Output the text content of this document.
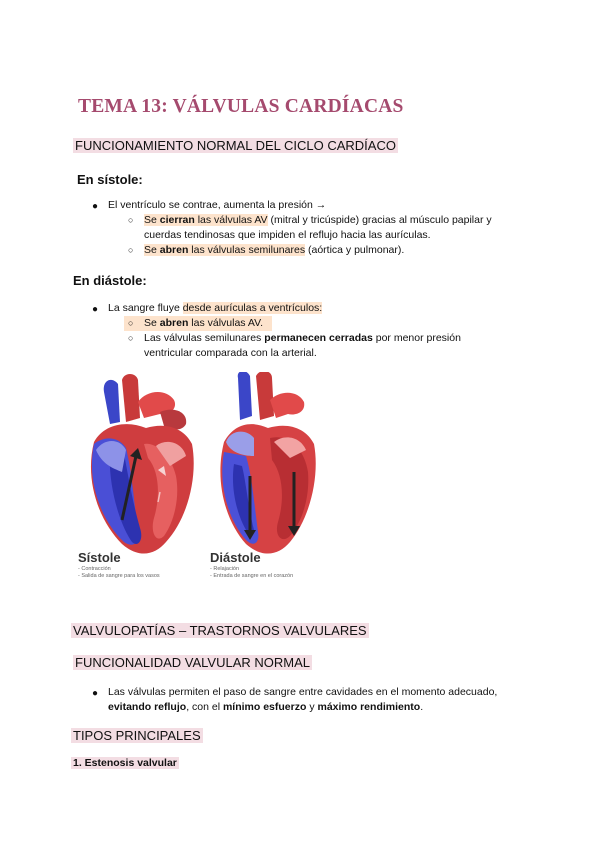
TEMA 13: VÁLVULAS CARDÍACAS
FUNCIONAMIENTO NORMAL DEL CICLO CARDÍACO
En sístole:
● El ventrículo se contrae, aumenta la presión →
○ Se cierran las válvulas AV (mitral y tricúspide) gracias al músculo papilar y
cuerdas tendinosas que impiden el reflujo hacia las aurículas.
○ Se abren las válvulas semilunares (aórtica y pulmonar).
En diástole:
● La sangre fluye desde aurículas a ventrículos:
○ Se abren las válvulas AV.
○ Las válvulas semilunares permanecen cerradas por menor presión
ventricular comparada con la arterial.
Sístole
- Contracción
- Salida de sangre para los vasos
Diástole
- Relajación
- Entrada de sangre en el corazón
VALVULOPATÍAS – TRASTORNOS VALVULARES
FUNCIONALIDAD VALVULAR NORMAL
● Las válvulas permiten el paso de sangre entre cavidades en el momento adecuado,
evitando reflujo, con el mínimo esfuerzo y máximo rendimiento.
TIPOS PRINCIPALES
1. Estenosis valvular
